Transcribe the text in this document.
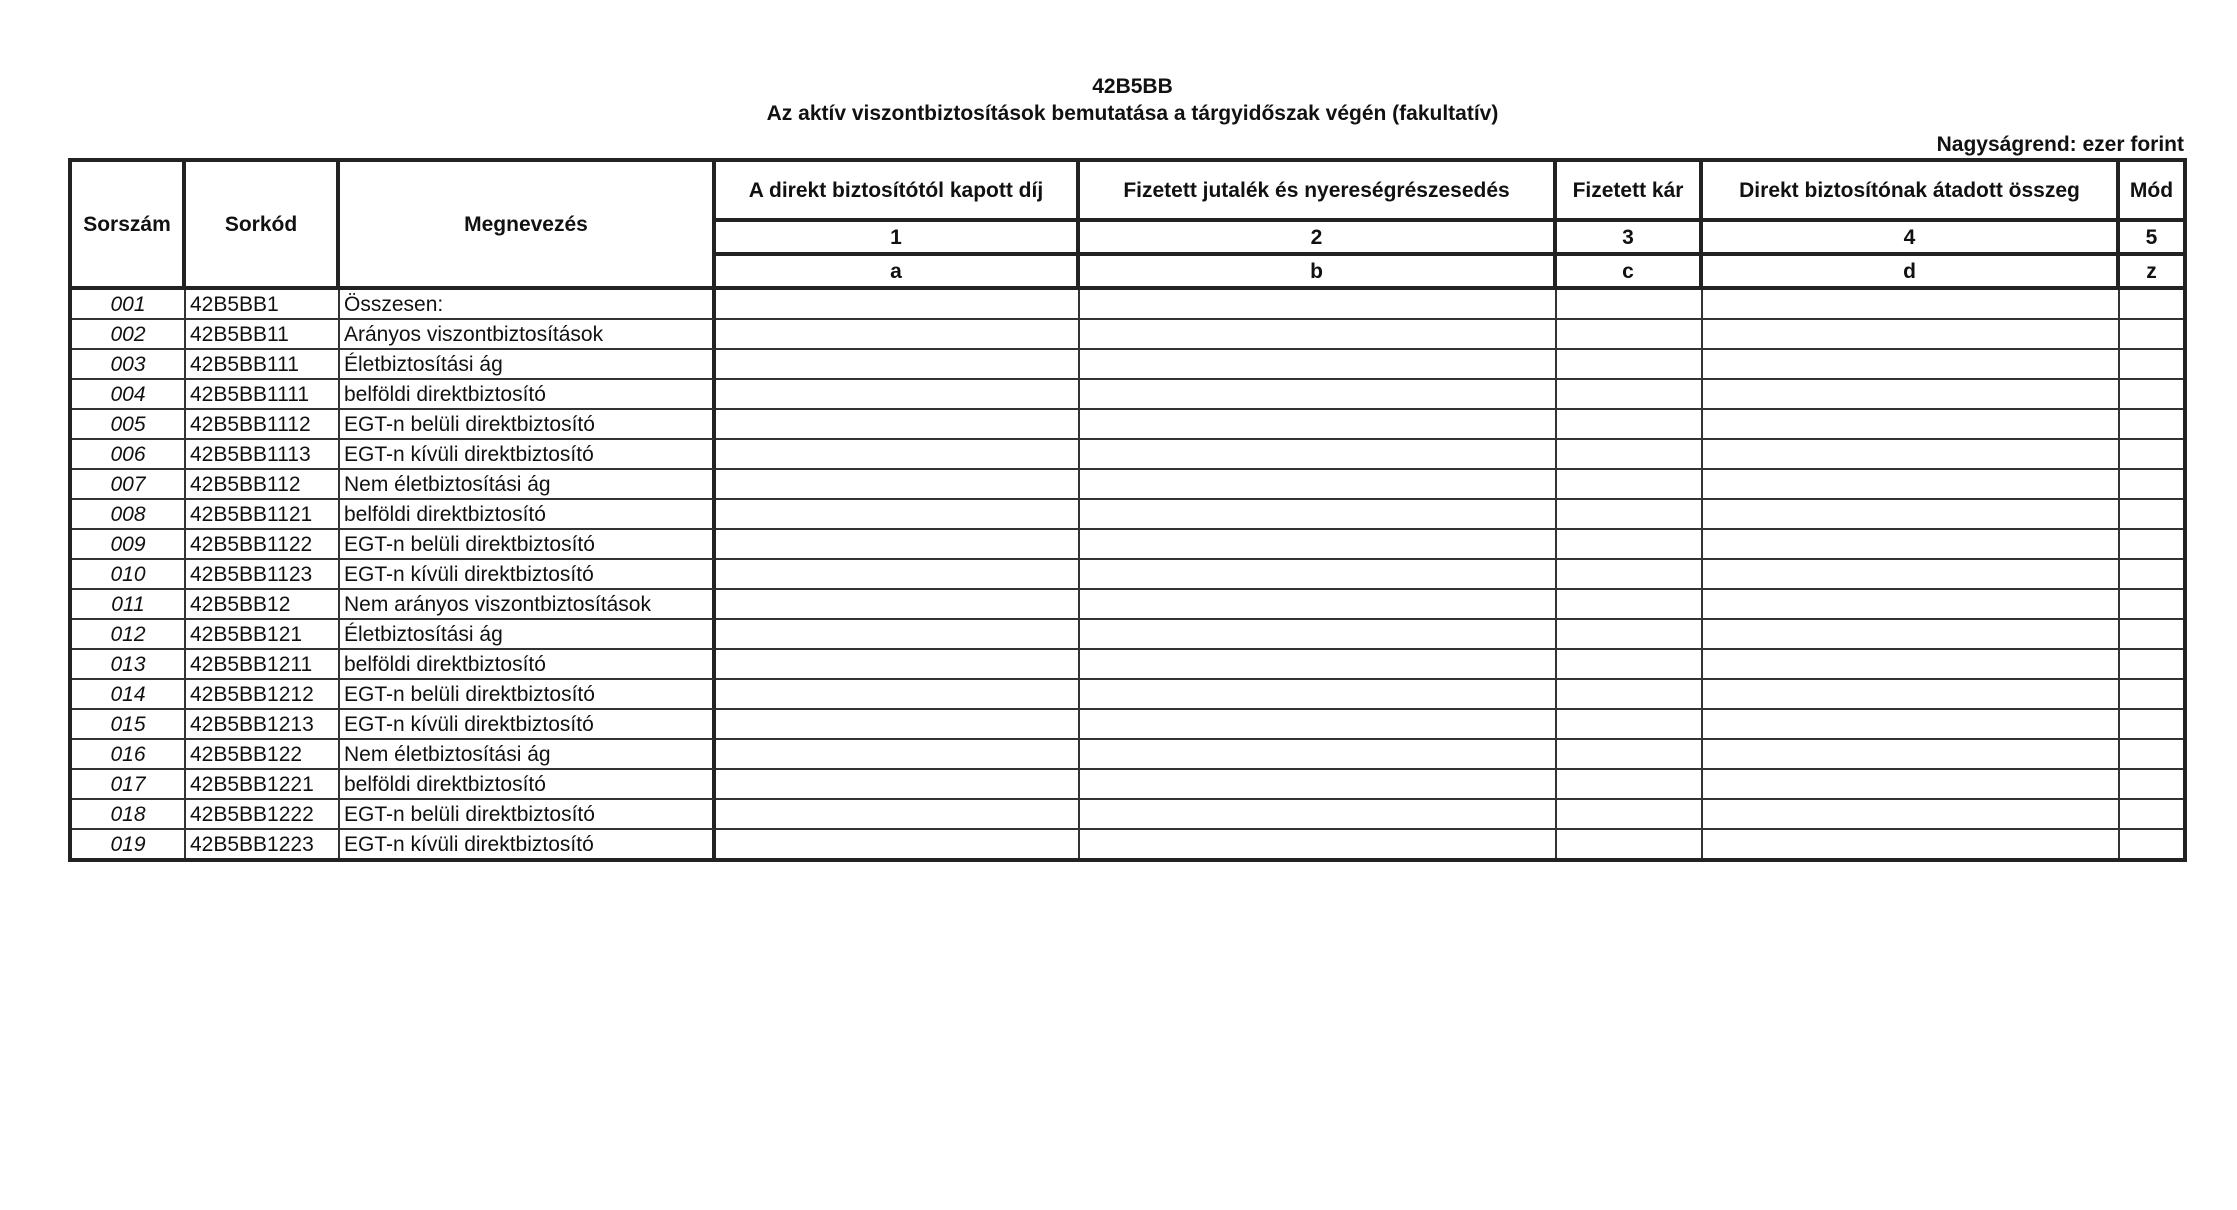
42B5BB
Az aktív viszontbiztosítások bemutatása a tárgyidőszak végén (fakultatív)
Nagyságrend: ezer forint
Sorszám	Sorkód	Megnevezés	A direkt biztosítótól kapott díj	Fizetett jutalék és nyereségrészesedés	Fizetett kár	Direkt biztosítónak átadott összeg	Mód
			1	2	3	4	5
			a	b	c	d	z
001	42B5BB1	Összesen:					
002	42B5BB11	Arányos viszontbiztosítások					
003	42B5BB111	Életbiztosítási ág					
004	42B5BB1111	belföldi direktbiztosító					
005	42B5BB1112	EGT-n belüli direktbiztosító					
006	42B5BB1113	EGT-n kívüli direktbiztosító					
007	42B5BB112	Nem életbiztosítási ág					
008	42B5BB1121	belföldi direktbiztosító					
009	42B5BB1122	EGT-n belüli direktbiztosító					
010	42B5BB1123	EGT-n kívüli direktbiztosító					
011	42B5BB12	Nem arányos viszontbiztosítások					
012	42B5BB121	Életbiztosítási ág					
013	42B5BB1211	belföldi direktbiztosító					
014	42B5BB1212	EGT-n belüli direktbiztosító					
015	42B5BB1213	EGT-n kívüli direktbiztosító					
016	42B5BB122	Nem életbiztosítási ág					
017	42B5BB1221	belföldi direktbiztosító					
018	42B5BB1222	EGT-n belüli direktbiztosító					
019	42B5BB1223	EGT-n kívüli direktbiztosító					
